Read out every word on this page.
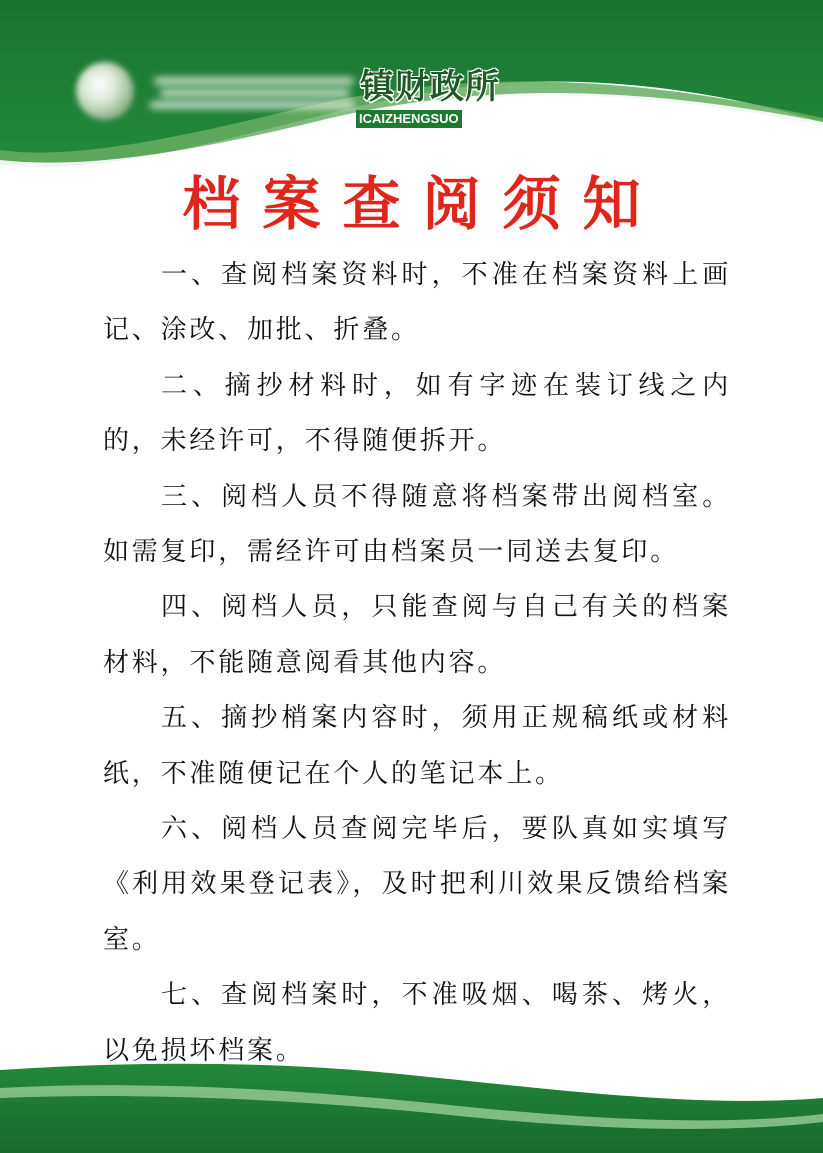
镇财政所
ICAIZHENGSUO
档案查阅须知

一、查阅档案资料时，不准在档案资料上画记、涂改、加批、折叠。

二、摘抄材料时，如有字迹在装订线之内的，未经许可，不得随便拆开。

三、阅档人员不得随意将档案带出阅档室。如需复印，需经许可由档案员一同送去复印。

四、阅档人员，只能查阅与自己有关的档案材料，不能随意阅看其他内容。

五、摘抄梢案内容时，须用正规稿纸或材料纸，不准随便记在个人的笔记本上。

六、阅档人员查阅完毕后，要队真如实填写《利用效果登记表》，及时把利川效果反馈给档案室。

七、查阅档案时，不准吸烟、喝茶、烤火，以免损坏档案。
